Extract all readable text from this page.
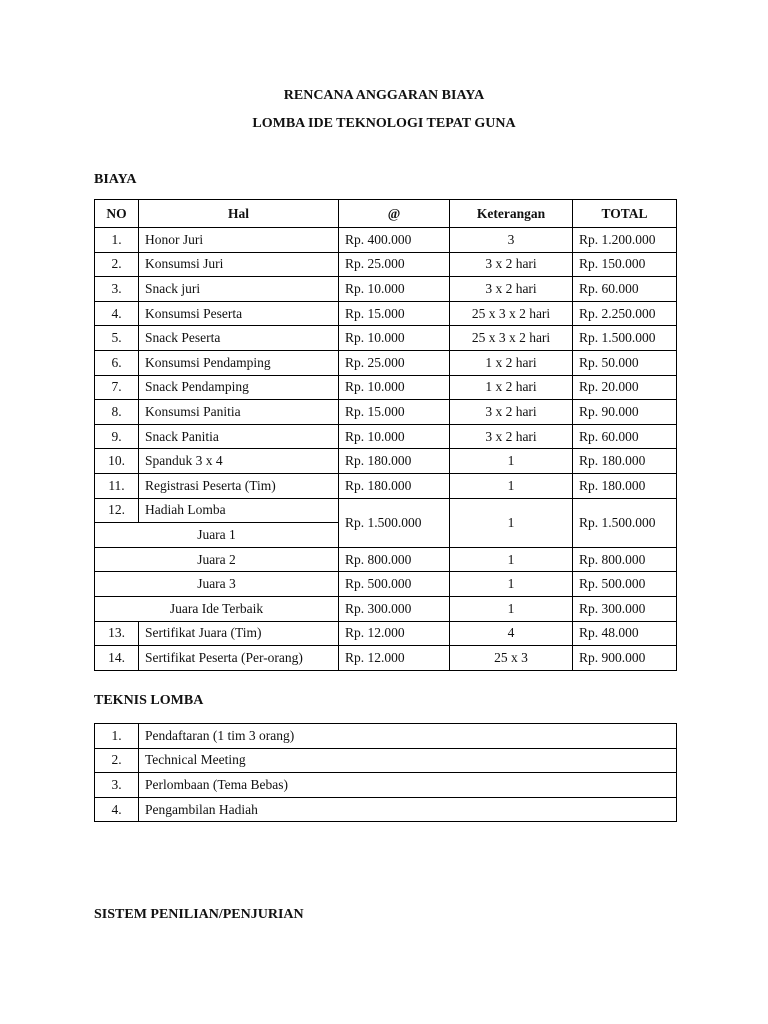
RENCANA ANGGARAN BIAYA
LOMBA IDE TEKNOLOGI TEPAT GUNA
BIAYA
NO	Hal	@	Keterangan	TOTAL
1.	Honor Juri	Rp. 400.000	3	Rp. 1.200.000
2.	Konsumsi Juri	Rp. 25.000	3 x 2 hari	Rp. 150.000
3.	Snack juri	Rp. 10.000	3 x 2 hari	Rp. 60.000
4.	Konsumsi Peserta	Rp. 15.000	25 x 3 x 2 hari	Rp. 2.250.000
5.	Snack Peserta	Rp. 10.000	25 x 3 x 2 hari	Rp. 1.500.000
6.	Konsumsi Pendamping	Rp. 25.000	1 x 2 hari	Rp. 50.000
7.	Snack Pendamping	Rp. 10.000	1 x 2 hari	Rp. 20.000
8.	Konsumsi Panitia	Rp. 15.000	3 x 2 hari	Rp. 90.000
9.	Snack Panitia	Rp. 10.000	3 x 2 hari	Rp. 60.000
10.	Spanduk 3 x 4	Rp. 180.000	1	Rp. 180.000
11.	Registrasi Peserta (Tim)	Rp. 180.000	1	Rp. 180.000
12.	Hadiah Lomba	Rp. 1.500.000	1	Rp. 1.500.000
Juara 1				
Juara 2		Rp. 800.000	1	Rp. 800.000
Juara 3		Rp. 500.000	1	Rp. 500.000
Juara Ide Terbaik		Rp. 300.000	1	Rp. 300.000
13.	Sertifikat Juara (Tim)	Rp. 12.000	4	Rp. 48.000
14.	Sertifikat Peserta (Per-orang)	Rp. 12.000	25 x 3	Rp. 900.000
TEKNIS LOMBA
1.	Pendaftaran (1 tim 3 orang)
2.	Technical Meeting
3.	Perlombaan (Tema Bebas)
4.	Pengambilan Hadiah
SISTEM PENILIAN/PENJURIAN
